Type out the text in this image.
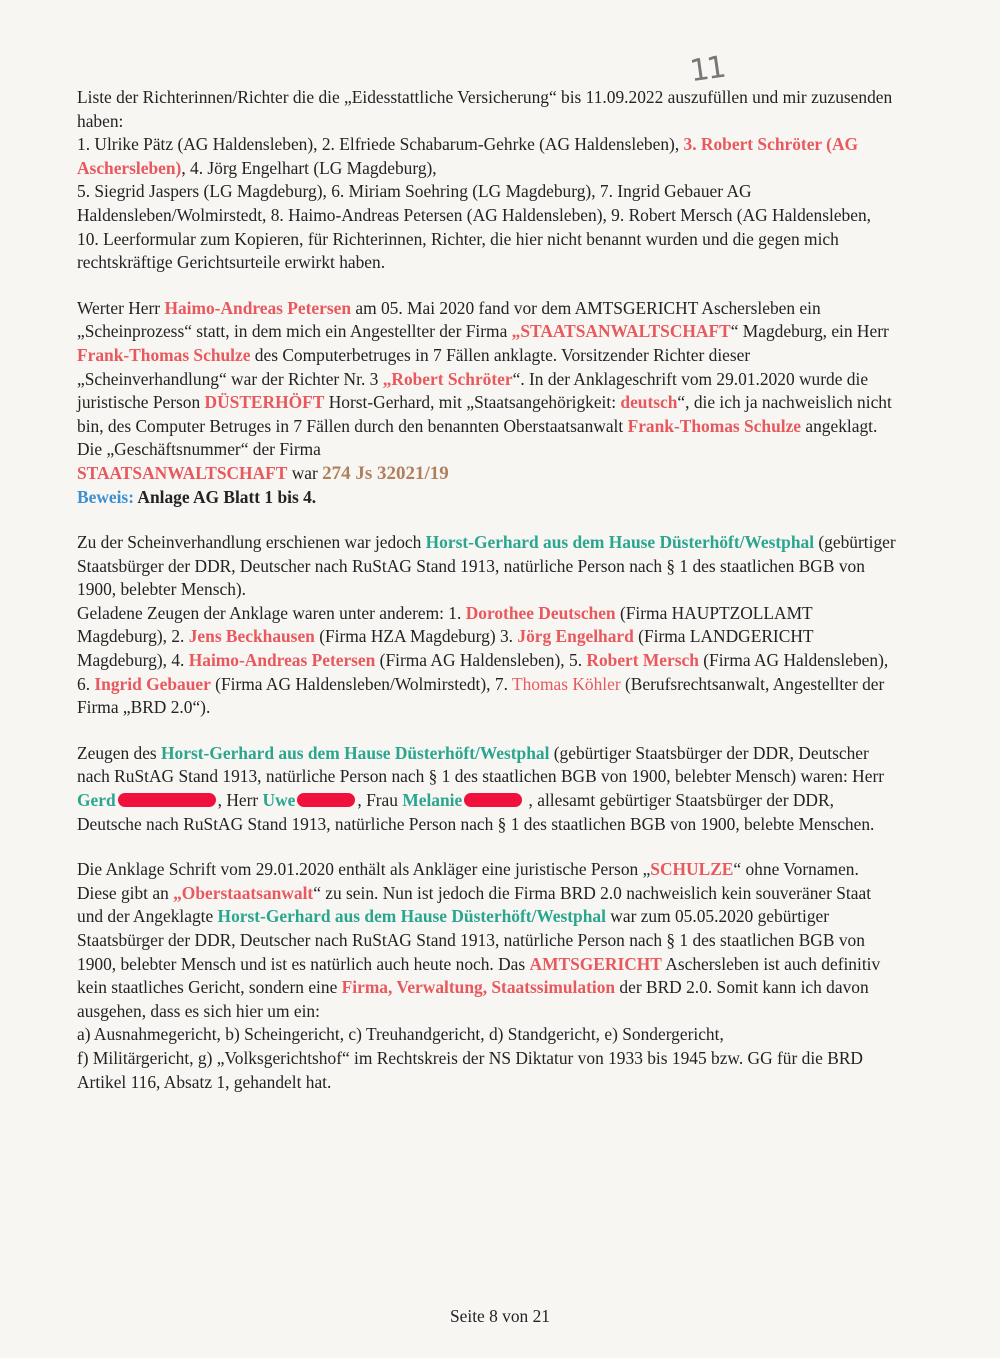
11

Liste der Richterinnen/Richter die die „Eidesstattliche Versicherung“ bis 11.09.2022 auszufüllen und mir zuzusenden haben:
1. Ulrike Pätz (AG Haldensleben), 2. Elfriede Schabarum-Gehrke (AG Haldensleben), 3. Robert Schröter (AG Aschersleben), 4. Jörg Engelhart (LG Magdeburg),
5. Siegrid Jaspers (LG Magdeburg), 6. Miriam Soehring (LG Magdeburg), 7. Ingrid Gebauer AG Haldensleben/Wolmirstedt, 8. Haimo-Andreas Petersen (AG Haldensleben), 9. Robert Mersch (AG Haldensleben, 10. Leerformular zum Kopieren, für Richterinnen, Richter, die hier nicht benannt wurden und die gegen mich rechtskräftige Gerichtsurteile erwirkt haben.

Werter Herr Haimo-Andreas Petersen am 05. Mai 2020 fand vor dem AMTSGERICHT Aschersleben ein „Scheinprozess“ statt, in dem mich ein Angestellter der Firma „STAATSANWALTSCHAFT“ Magdeburg, ein Herr Frank-Thomas Schulze des Computerbetruges in 7 Fällen anklagte. Vorsitzender Richter dieser „Scheinverhandlung“ war der Richter Nr. 3 „Robert Schröter“. In der Anklageschrift vom 29.01.2020 wurde die juristische Person DÜSTERHÖFT Horst-Gerhard, mit „Staatsangehörigkeit: deutsch“, die ich ja nachweislich nicht bin, des Computer Betruges in 7 Fällen durch den benannten Oberstaatsanwalt Frank-Thomas Schulze angeklagt. Die „Geschäftsnummer“ der Firma
STAATSANWALTSCHAFT war 274 Js 32021/19
Beweis: Anlage AG Blatt 1 bis 4.

Zu der Scheinverhandlung erschienen war jedoch Horst-Gerhard aus dem Hause Düsterhöft/Westphal (gebürtiger Staatsbürger der DDR, Deutscher nach RuStAG Stand 1913, natürliche Person nach § 1 des staatlichen BGB von 1900, belebter Mensch).
Geladene Zeugen der Anklage waren unter anderem: 1. Dorothee Deutschen (Firma HAUPTZOLLAMT Magdeburg), 2. Jens Beckhausen (Firma HZA Magdeburg) 3. Jörg Engelhard (Firma LANDGERICHT Magdeburg), 4. Haimo-Andreas Petersen (Firma AG Haldensleben), 5. Robert Mersch (Firma AG Haldensleben), 6. Ingrid Gebauer (Firma AG Haldensleben/Wolmirstedt), 7. Thomas Köhler (Berufsrechtsanwalt, Angestellter der Firma „BRD 2.0“).

Zeugen des Horst-Gerhard aus dem Hause Düsterhöft/Westphal (gebürtiger Staatsbürger der DDR, Deutscher nach RuStAG Stand 1913, natürliche Person nach § 1 des staatlichen BGB von 1900, belebter Mensch) waren: Herr Gerd	, Herr Uwe	, Frau Melanie	, allesamt gebürtiger Staatsbürger der DDR, Deutsche nach RuStAG Stand 1913, natürliche Person nach § 1 des staatlichen BGB von 1900, belebte Menschen.

Die Anklage Schrift vom 29.01.2020 enthält als Ankläger eine juristische Person „SCHULZE“ ohne Vornamen. Diese gibt an „Oberstaatsanwalt“ zu sein. Nun ist jedoch die Firma BRD 2.0 nachweislich kein souveräner Staat und der Angeklagte Horst-Gerhard aus dem Hause Düsterhöft/Westphal war zum 05.05.2020 gebürtiger Staatsbürger der DDR, Deutscher nach RuStAG Stand 1913, natürliche Person nach § 1 des staatlichen BGB von 1900, belebter Mensch und ist es natürlich auch heute noch. Das AMTSGERICHT Aschersleben ist auch definitiv kein staatliches Gericht, sondern eine Firma, Verwaltung, Staatssimulation der BRD 2.0. Somit kann ich davon ausgehen, dass es sich hier um ein:
a) Ausnahmegericht, b) Scheingericht, c) Treuhandgericht, d) Standgericht, e) Sondergericht,
f) Militärgericht, g) „Volksgerichtshof“ im Rechtskreis der NS Diktatur von 1933 bis 1945 bzw. GG für die BRD Artikel 116, Absatz 1, gehandelt hat.

Seite 8 von 21
